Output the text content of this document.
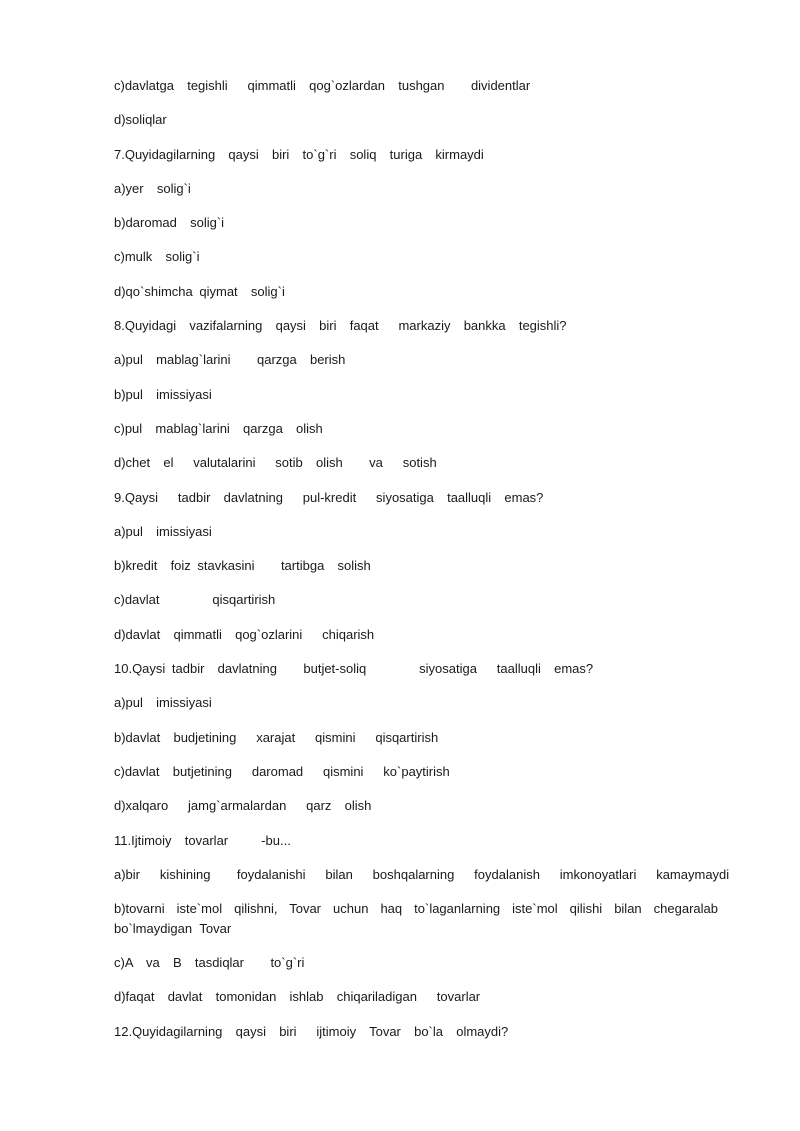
c)davlatga  tegishli   qimmatli  qog`ozlardan  tushgan    dividentlar

d)soliqlar

7.Quyidagilarning  qaysi  biri  to`g`ri  soliq  turiga  kirmaydi

a)yer  solig`i

b)daromad  solig`i

c)mulk  solig`i

d)qo`shimcha qiymat  solig`i

8.Quyidagi  vazifalarning  qaysi  biri  faqat   markaziy  bankka  tegishli?

a)pul  mablag`larini    qarzga  berish

b)pul  imissiyasi

c)pul  mablag`larini  qarzga  olish

d)chet  el   valutalarini   sotib  olish    va   sotish

9.Qaysi   tadbir  davlatning   pul-kredit   siyosatiga  taalluqli  emas?

a)pul  imissiyasi

b)kredit  foiz stavkasini    tartibga  solish

c)davlat        qisqartirish

d)davlat  qimmatli  qog`ozlarini   chiqarish

10.Qaysi tadbir  davlatning    butjet-soliq        siyosatiga   taalluqli  emas?

a)pul  imissiyasi

b)davlat  budjetining   xarajat   qismini   qisqartirish

c)davlat  butjetining   daromad   qismini   ko`paytirish

d)xalqaro   jamg`armalardan   qarz  olish

11.Ijtimoiy  tovarlar     -bu...

a)bir   kishining    foydalanishi   bilan   boshqalarning   foydalanish   imkonoyatlari   kamaymaydi

b)tovarni iste`mol qilishni, Tovar uchun haq to`laganlarning iste`mol qilishi bilan chegaralab bo`lmaydigan Tovar

c)A  va  B  tasdiqlar    to`g`ri

d)faqat  davlat  tomonidan  ishlab  chiqariladigan   tovarlar

12.Quyidagilarning  qaysi  biri   ijtimoiy  Tovar  bo`la  olmaydi?
